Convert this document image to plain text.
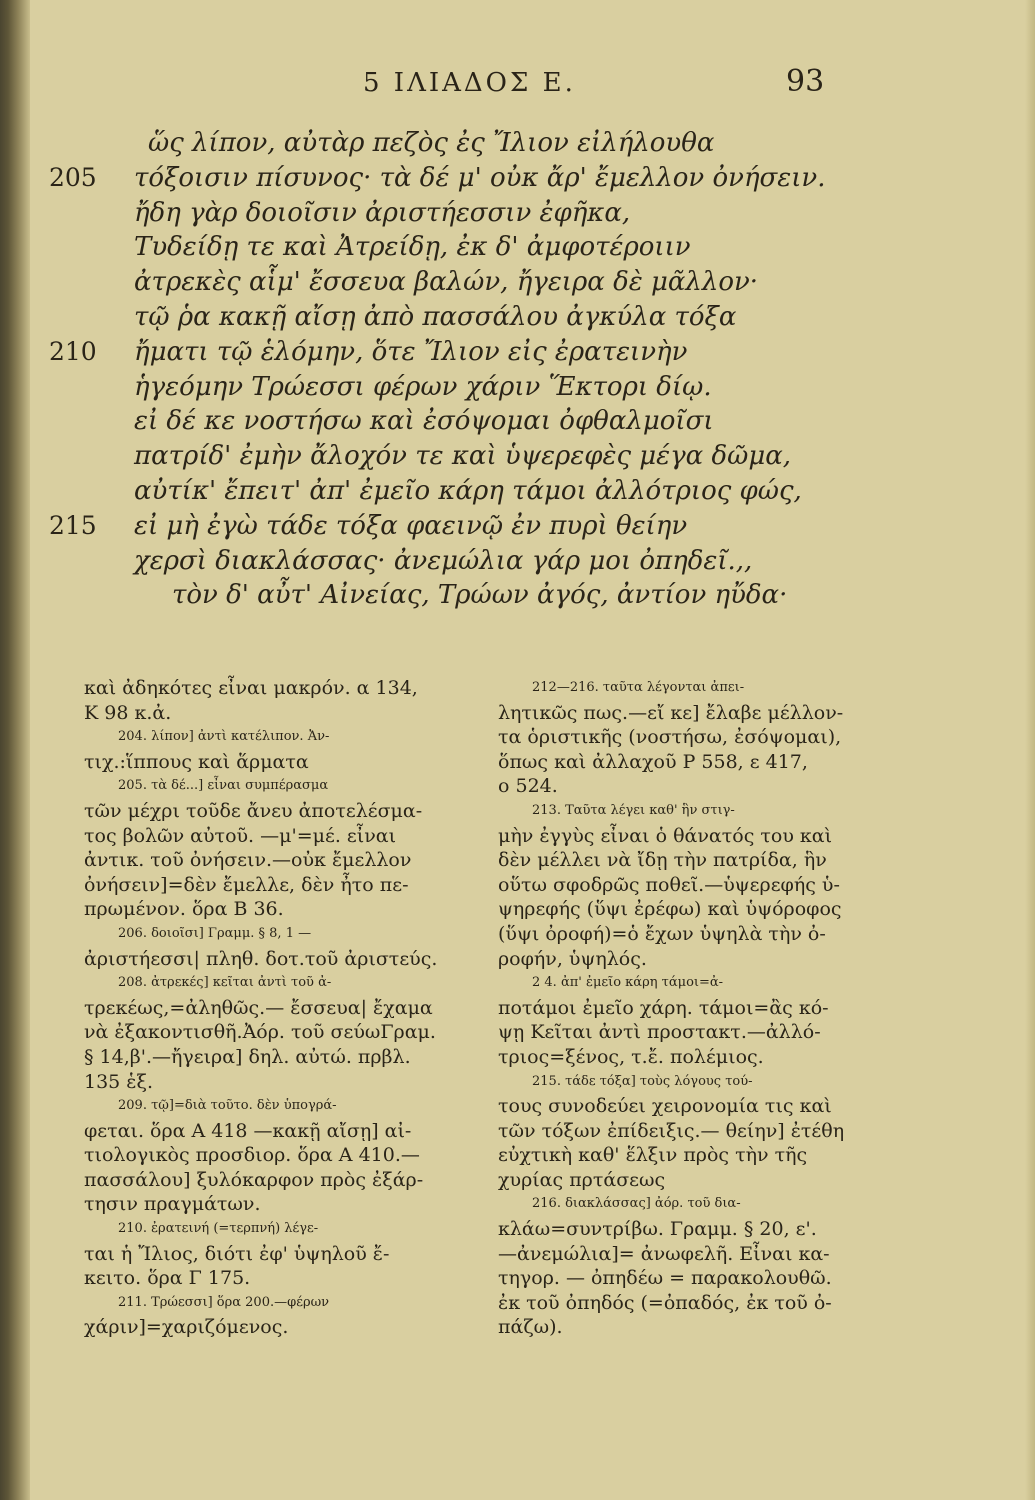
5 ΙΛΙΑΔΟΣ Ε.	93
ὥς λίπον, αὐτὰρ πεζὸς ἐς Ἴλιον εἰλήλουθα
205 τόξοισιν πίσυνος· τὰ δέ μ' οὐκ ἄρ' ἔμελλον ὀνήσειν.
ἤδη γὰρ δοιοῖσιν ἀριστήεσσιν ἐφῆκα,
Τυδείδῃ τε καὶ Ἀτρείδῃ, ἐκ δ' ἀμφοτέροιιν
ἀτρεκὲς αἷμ' ἔσσευα βαλών, ἤγειρα δὲ μᾶλλον·
τῷ ῥα κακῇ αἴσῃ ἀπὸ πασσάλου ἀγκύλα τόξα
210 ἤματι τῷ ἑλόμην, ὅτε Ἴλιον εἰς ἐρατεινὴν
ἡγεόμην Τρώεσσι φέρων χάριν Ἕκτορι δίῳ.
εἰ δέ κε νοστήσω καὶ ἐσόψομαι ὀφθαλμοῖσι
πατρίδ' ἐμὴν ἄλοχόν τε καὶ ὑψερεφὲς μέγα δῶμα,
αὐτίκ' ἔπειτ' ἀπ' ἐμεῖο κάρη τάμοι ἀλλότριος φώς,
215 εἰ μὴ ἐγὼ τάδε τόξα φαεινῷ ἐν πυρὶ θείην
χερσὶ διακλάσσας· ἀνεμώλια γάρ μοι ὀπηδεῖ.,,
τὸν δ' αὖτ' Αἰνείας, Τρώων ἀγός, ἀντίον ηὔδα·
καὶ ἀδηκότες εἶναι μακρόν. α 134,
Κ 98 κ.ἀ.
204. λίπον] ἀντὶ κατέλιπον. Ἀν-
τιχ.:ἵππους καὶ ἅρματα
205. τὰ δέ...] εἶναι συμπέρασμα
τῶν μέχρι τοῦδε ἄνευ ἀποτελέσμα-
τος βολῶν αὐτοῦ. —μ'=μέ. εἶναι
ἀντικ. τοῦ ὀνήσειν.—οὐκ ἔμελλον
ὀνήσειν]=δὲν ἔμελλε, δὲν ἦτο πε-
πρωμένον. ὅρα Β 36.
206. δοιοῖσι] Γραμμ. § 8, 1 —
ἀριστήεσσι| πληθ. δοτ.τοῦ ἀριστεύς.
208. ἀτρεκές] κεῖται ἀντὶ τοῦ ἀ-
τρεκέως,=ἀληθῶς.— ἔσσευα| ἔχαμα
νὰ ἐξακοντισθῆ.Ἀόρ. τοῦ σεύωΓραμ.
§ 14,β'.—ἤγειρα] δηλ. αὐτώ. πρβλ.
135 ἑξ.
209. τῷ]=διὰ τοῦτο. δὲν ὑπογρά-
φεται. ὅρα Α 418 —κακῇ αἴσῃ] αἰ-
τιολογικὸς προσδιορ. ὅρα Α 410.—
πασσάλου] ξυλόκαρφον πρὸς ἐξάρ-
τησιν πραγμάτων.
210. ἐρατεινή (=τερπνή) λέγε-
ται ἡ Ἴλιος, διότι ἐφ' ὑψηλοῦ ἔ-
κειτο. ὅρα Γ 175.
211. Τρώεσσι] ὅρα 200.—φέρων
χάριν]=χαριζόμενος.
212—216. ταῦτα λέγονται ἀπει-
λητικῶς πως.—εἴ κε] ἔλαβε μέλλον-
τα ὁριστικῆς (νοστήσω, ἐσόψομαι),
ὅπως καὶ ἀλλαχοῦ Ρ 558, ε 417,
ο 524.
213. Ταῦτα λέγει καθ' ἣν στιγ-
μὴν ἐγγὺς εἶναι ὁ θάνατός του καὶ
δὲν μέλλει νὰ ἴδῃ τὴν πατρίδα, ἣν
οὕτω σφοδρῶς ποθεῖ.—ὑψερεφής ὑ-
ψηρεφής (ὕψι ἐρέφω) καὶ ὑψόροφος
(ὕψι ὀροφή)=ὁ ἔχων ὑψηλὰ τὴν ὀ-
ροφήν, ὑψηλός.
2 4. ἀπ' ἐμεῖο κάρη τάμοι=ἀ-
ποτάμοι ἐμεῖο χάρη. τάμοι=ἂς κό-
ψῃ Κεῖται ἀντὶ προστακτ.—ἀλλό-
τριος=ξένος, τ.ἔ. πολέμιος.
215. τάδε τόξα] τοὺς λόγους τού-
τους συνοδεύει χειρονομία τις καὶ
τῶν τόξων ἐπίδειξις.— θείην] ἐτέθη
εὐχτικὴ καθ' ἕλξιν πρὸς τὴν τῆς
χυρίας πρτάσεως
216. διακλάσσας] ἀόρ. τοῦ δια-
κλάω=συντρίβω. Γραμμ. § 20, ε'.
—ἀνεμώλια]= ἀνωφελῆ. Εἶναι κα-
τηγορ. — ὀπηδέω = παρακολουθῶ.
ἐκ τοῦ ὀπηδός (=ὀπαδός, ἐκ τοῦ ὀ-
πάζω).
